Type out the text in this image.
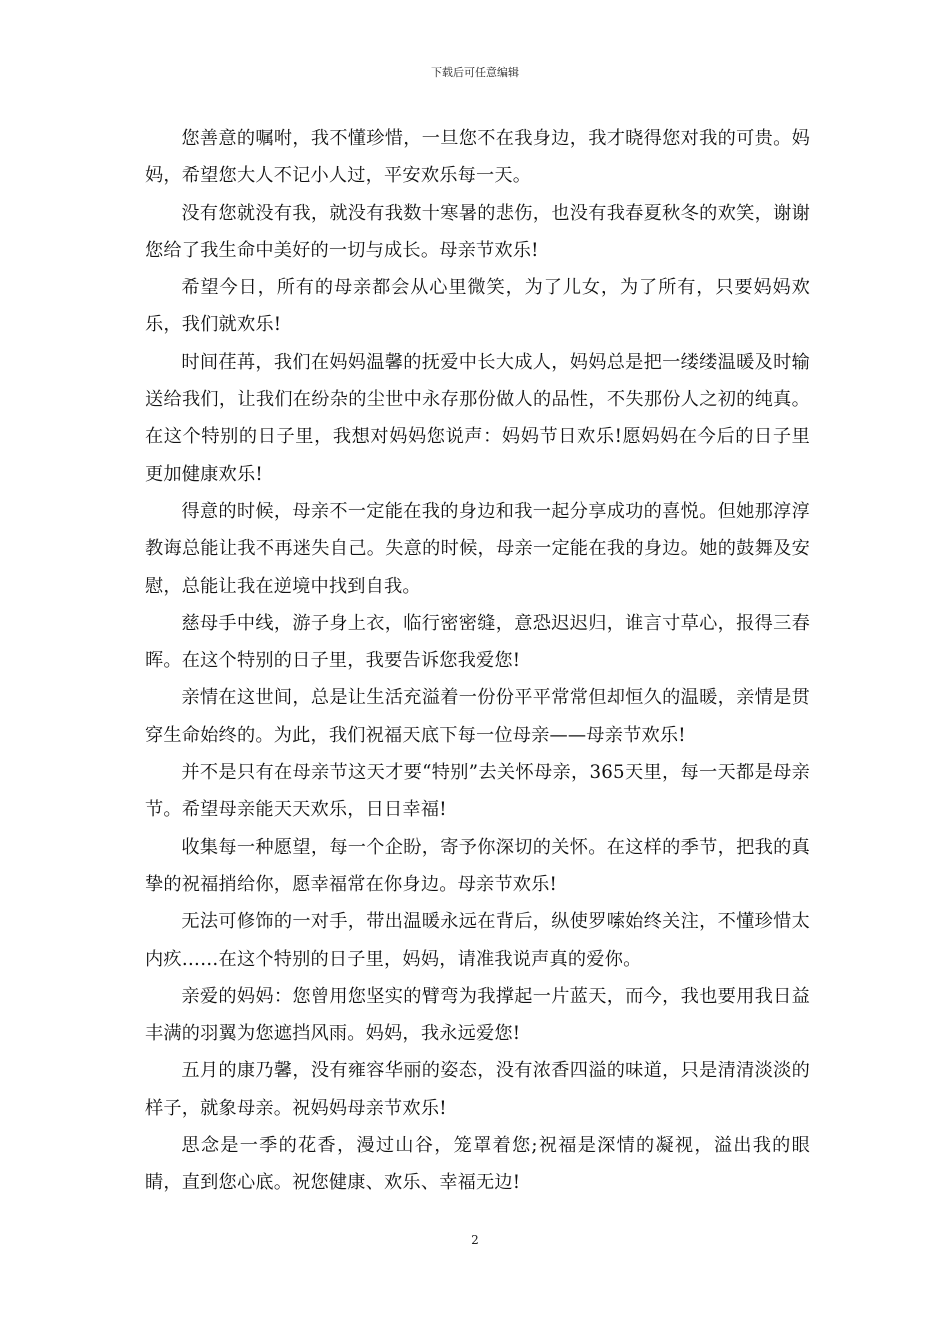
下载后可任意编辑

您善意的嘱咐，我不懂珍惜，一旦您不在我身边，我才晓得您对我的可贵。妈妈，希望您大人不记小人过，平安欢乐每一天。

没有您就没有我，就没有我数十寒暑的悲伤，也没有我春夏秋冬的欢笑，谢谢您给了我生命中美好的一切与成长。母亲节欢乐!

希望今日，所有的母亲都会从心里微笑，为了儿女，为了所有，只要妈妈欢乐，我们就欢乐!

时间荏苒，我们在妈妈温馨的抚爱中长大成人，妈妈总是把一缕缕温暖及时输送给我们，让我们在纷杂的尘世中永存那份做人的品性，不失那份人之初的纯真。在这个特别的日子里，我想对妈妈您说声：妈妈节日欢乐!愿妈妈在今后的日子里更加健康欢乐!

得意的时候，母亲不一定能在我的身边和我一起分享成功的喜悦。但她那淳淳教诲总能让我不再迷失自己。失意的时候，母亲一定能在我的身边。她的鼓舞及安慰，总能让我在逆境中找到自我。

慈母手中线，游子身上衣，临行密密缝，意恐迟迟归，谁言寸草心，报得三春晖。在这个特别的日子里，我要告诉您我爱您!

亲情在这世间，总是让生活充溢着一份份平平常常但却恒久的温暖，亲情是贯穿生命始终的。为此，我们祝福天底下每一位母亲——母亲节欢乐!

并不是只有在母亲节这天才要“特别”去关怀母亲，365天里，每一天都是母亲节。希望母亲能天天欢乐，日日幸福!

收集每一种愿望，每一个企盼，寄予你深切的关怀。在这样的季节，把我的真挚的祝福捎给你，愿幸福常在你身边。母亲节欢乐!

无法可修饰的一对手，带出温暖永远在背后，纵使罗嗦始终关注，不懂珍惜太内疚……在这个特别的日子里，妈妈，请准我说声真的爱你。

亲爱的妈妈：您曾用您坚实的臂弯为我撑起一片蓝天，而今，我也要用我日益丰满的羽翼为您遮挡风雨。妈妈，我永远爱您!

五月的康乃馨，没有雍容华丽的姿态，没有浓香四溢的味道，只是清清淡淡的样子，就象母亲。祝妈妈母亲节欢乐!

思念是一季的花香，漫过山谷，笼罩着您;祝福是深情的凝视，溢出我的眼睛，直到您心底。祝您健康、欢乐、幸福无边!

2
